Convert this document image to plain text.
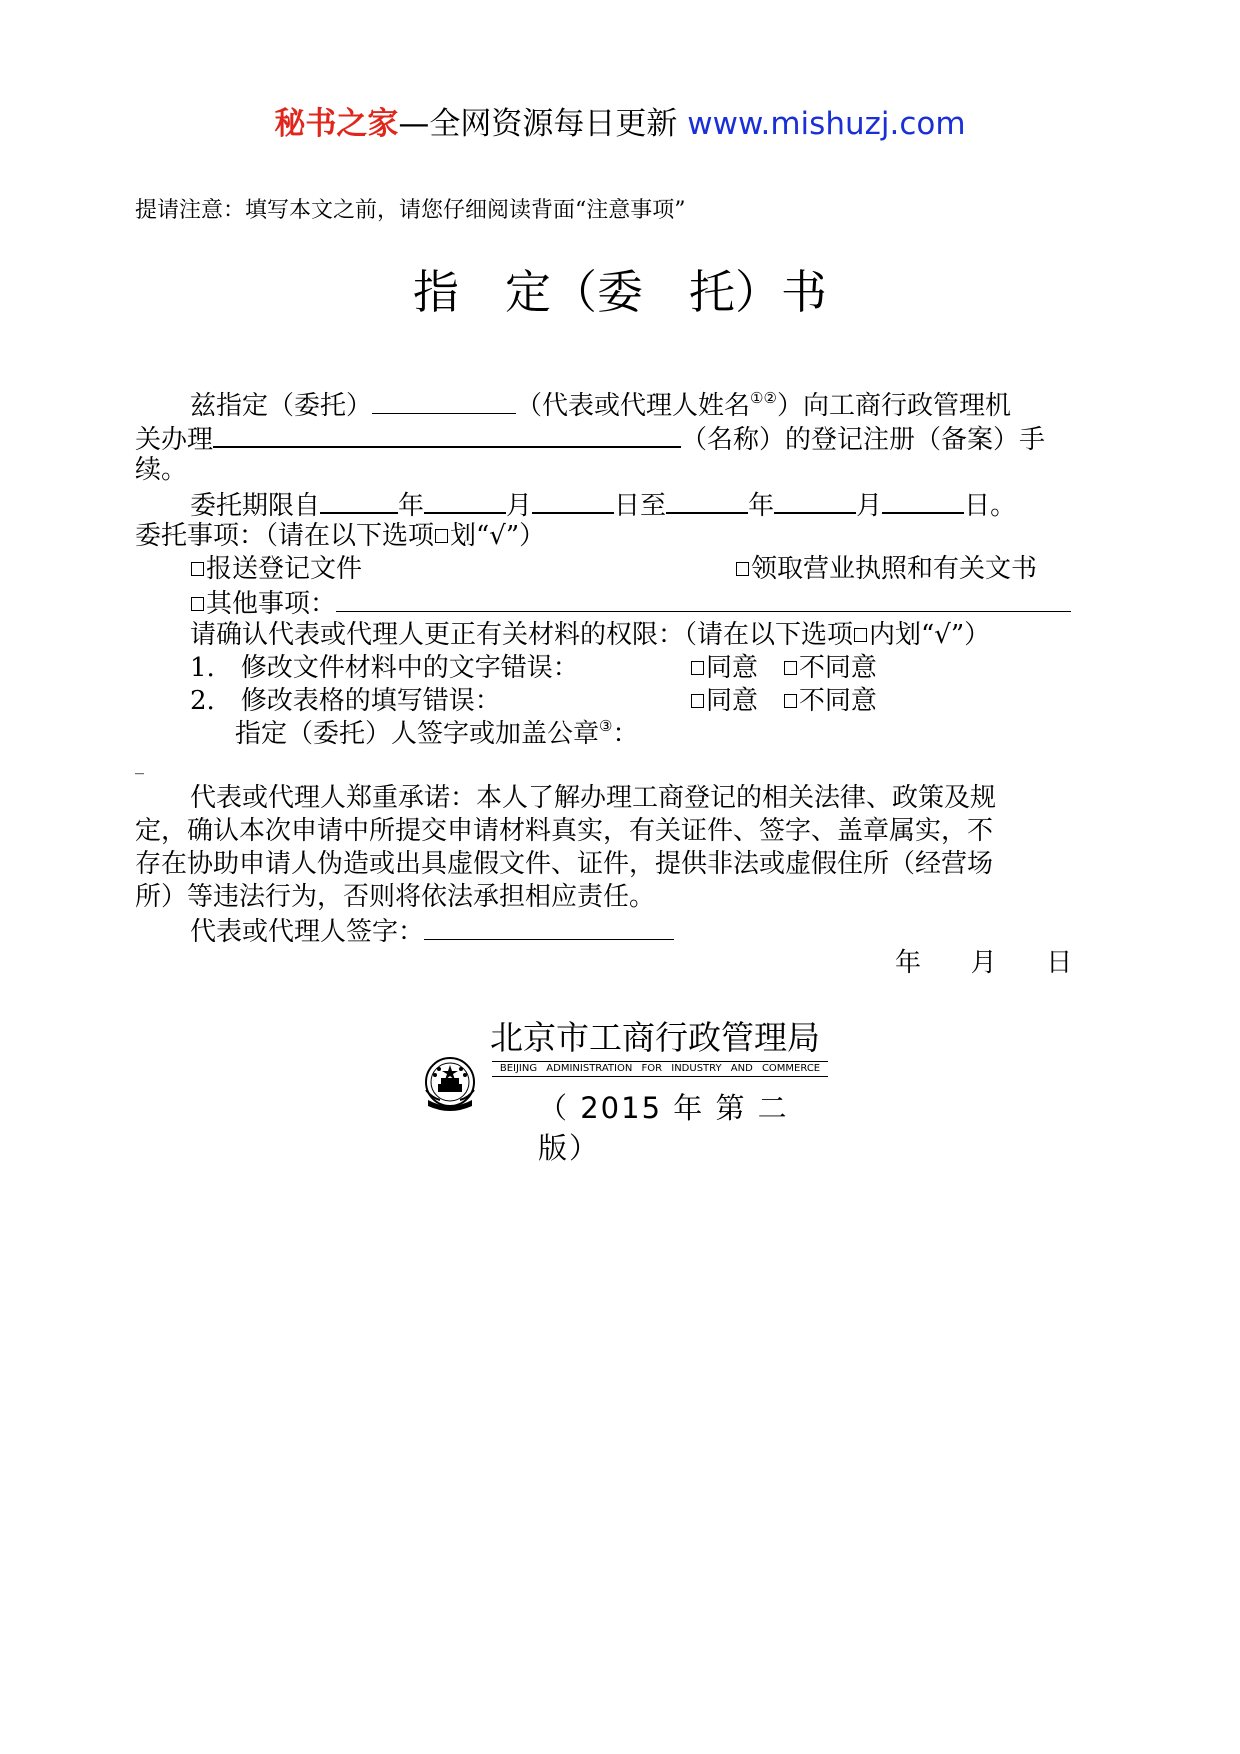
秘书之家—全网资源每日更新 www.mishuzj.com
提请注意：填写本文之前，请您仔细阅读背面“注意事项”
指　定（委　托）书
兹指定（委托）	（代表或代理人姓名①②）向工商行政管理机
关办理	（名称）的登记注册（备案）手
续。
委托期限自	年	月	日至	年	月	日。
委托事项：（请在以下选项 划“√”）
报送登记文件	领取营业执照和有关文书
其他事项：
请确认代表或代理人更正有关材料的权限：（请在以下选项 内划“√”）
1.　修改文件材料中的文字错误：	同意 不同意
2.　修改表格的填写错误：	同意 不同意
指定（委托）人签字或加盖公章③：
_
代表或代理人郑重承诺：本人了解办理工商登记的相关法律、政策及规
定，确认本次申请中所提交申请材料真实，有关证件、签字、盖章属实，不
存在协助申请人伪造或出具虚假文件、证件，提供非法或虚假住所（经营场
所）等违法行为，否则将依法承担相应责任。
代表或代理人签字：
年 月 日
北京市工商行政管理局
BEIJING ADMINISTRATION FOR INDUSTRY AND COMMERCE
（ 2015 年 第 二
版）
